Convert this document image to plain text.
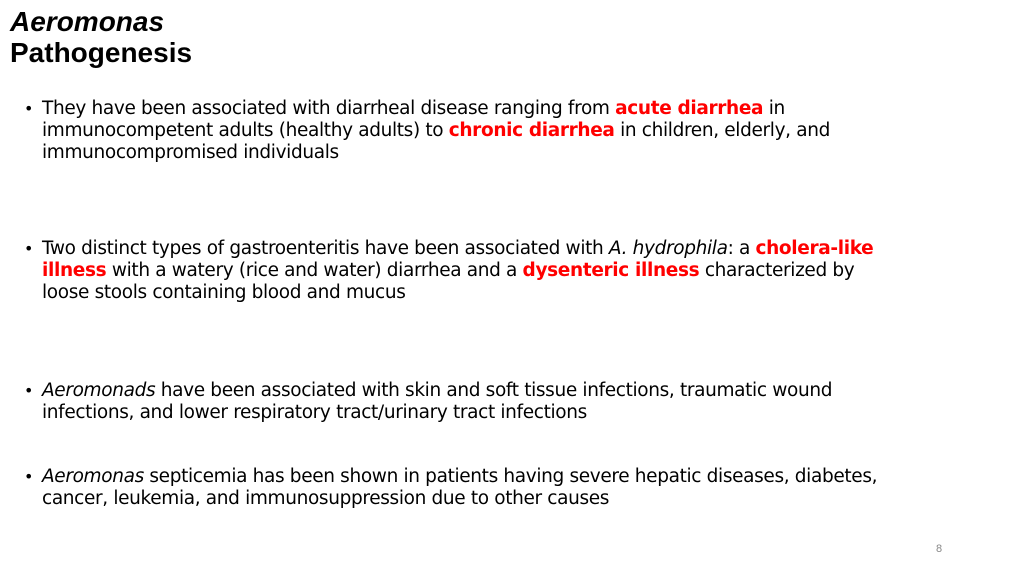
Aeromonas
Pathogenesis
• They have been associated with diarrheal disease ranging from acute diarrhea in immunocompetent adults (healthy adults) to chronic diarrhea in children, elderly, and immunocompromised individuals
• Two distinct types of gastroenteritis have been associated with A. hydrophila: a cholera-like illness with a watery (rice and water) diarrhea and a dysenteric illness characterized by loose stools containing blood and mucus
• Aeromonads have been associated with skin and soft tissue infections, traumatic wound infections, and lower respiratory tract/urinary tract infections
• Aeromonas septicemia has been shown in patients having severe hepatic diseases, diabetes, cancer, leukemia, and immunosuppression due to other causes
8
